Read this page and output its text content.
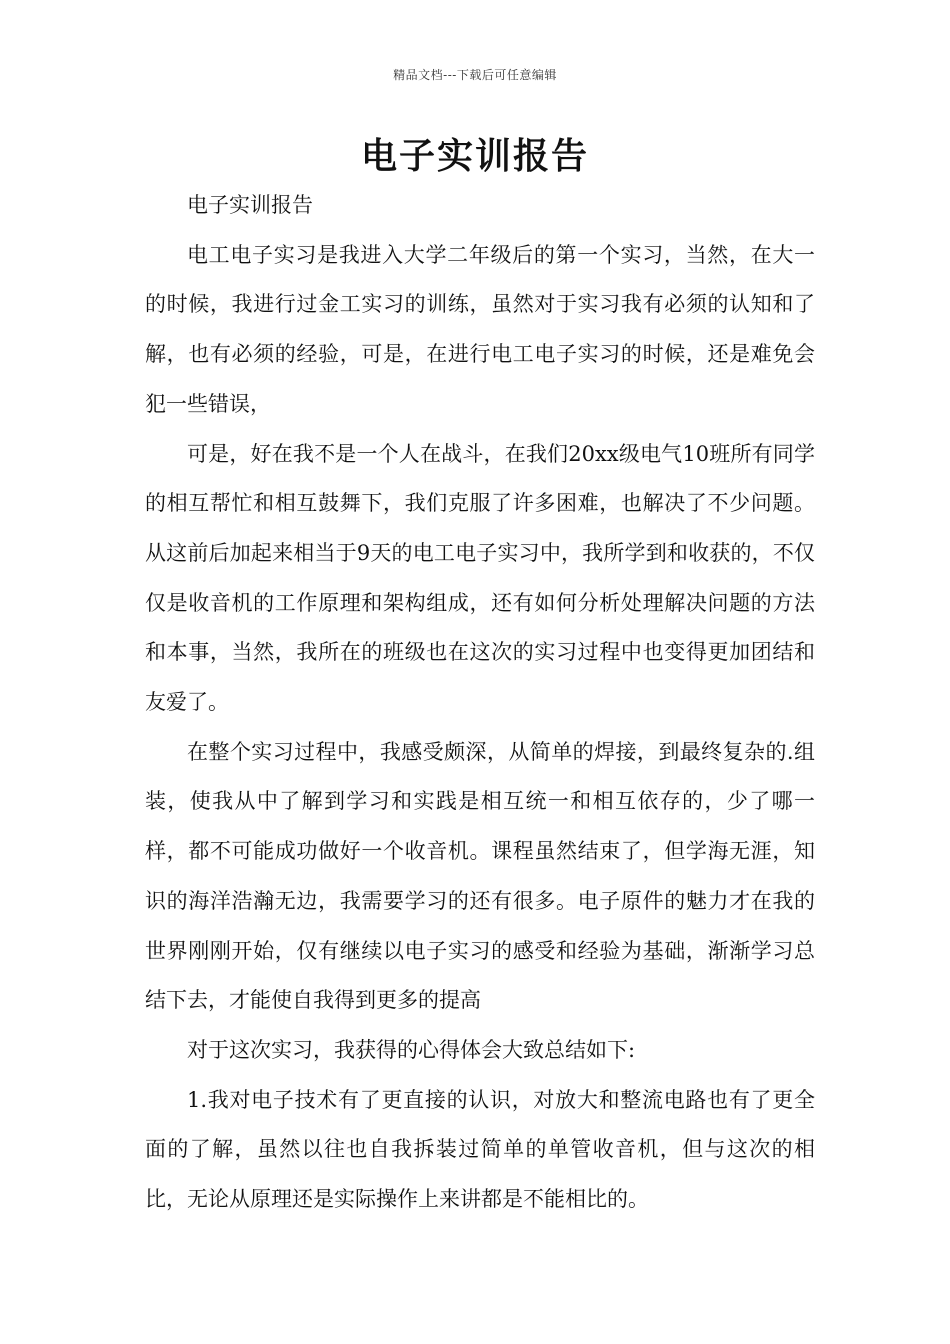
精品文档---下载后可任意编辑
电子实训报告

电子实训报告

电工电子实习是我进入大学二年级后的第一个实习，当然，在大一的时候，我进行过金工实习的训练，虽然对于实习我有必须的认知和了解，也有必须的经验，可是，在进行电工电子实习的时候，还是难免会犯一些错误，

可是，好在我不是一个人在战斗，在我们20xx级电气10班所有同学的相互帮忙和相互鼓舞下，我们克服了许多困难，也解决了不少问题。从这前后加起来相当于9天的电工电子实习中，我所学到和收获的，不仅仅是收音机的工作原理和架构组成，还有如何分析处理解决问题的方法和本事，当然，我所在的班级也在这次的实习过程中也变得更加团结和友爱了。

在整个实习过程中，我感受颇深，从简单的焊接，到最终复杂的.组装，使我从中了解到学习和实践是相互统一和相互依存的，少了哪一样，都不可能成功做好一个收音机。课程虽然结束了，但学海无涯，知识的海洋浩瀚无边，我需要学习的还有很多。电子原件的魅力才在我的世界刚刚开始，仅有继续以电子实习的感受和经验为基础，渐渐学习总结下去，才能使自我得到更多的提高

对于这次实习，我获得的心得体会大致总结如下:

1.我对电子技术有了更直接的认识，对放大和整流电路也有了更全面的了解，虽然以往也自我拆装过简单的单管收音机，但与这次的相比，无论从原理还是实际操作上来讲都是不能相比的。
